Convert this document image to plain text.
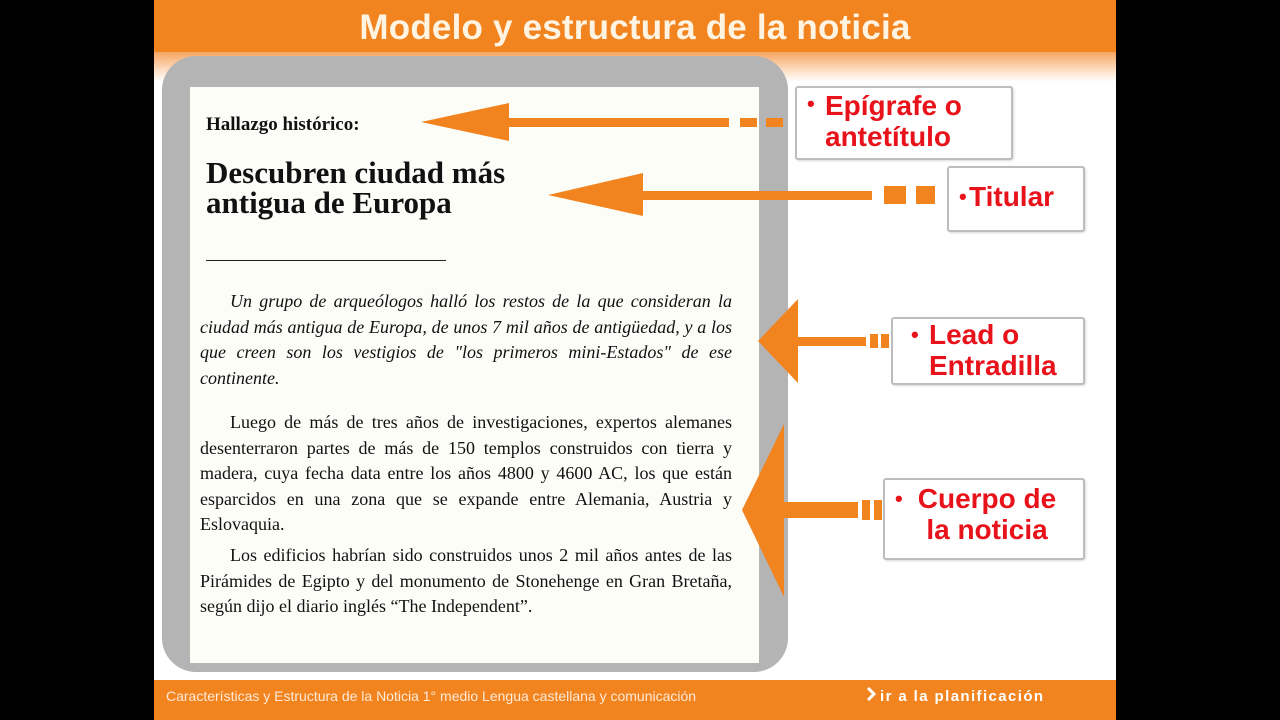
Modelo y estructura de la noticia
Hallazgo histórico:
Descubren ciudad más antigua de Europa

Un grupo de arqueólogos halló los restos de la que consideran la ciudad más antigua de Europa, de unos 7 mil años de antigüedad, y a los que creen son los vestigios de "los primeros mini-Estados" de ese continente.

Luego de más de tres años de investigaciones, expertos alemanes desenterraron partes de más de 150 templos construidos con tierra y madera, cuya fecha data entre los años 4800 y 4600 AC, los que están esparcidos en una zona que se expande entre Alemania, Austria y Eslovaquia.

Los edificios habrían sido construidos unos 2 mil años antes de las Pirámides de Egipto y del monumento de Stonehenge en Gran Bretaña, según dijo el diario inglés “The Independent”.

• Epígrafe o
antetítulo
• Titular
• Lead o
Entradilla
• Cuerpo de
la noticia
Características y Estructura de la Noticia 1° medio Lengua castellana y comunicación	ir a la planificación
